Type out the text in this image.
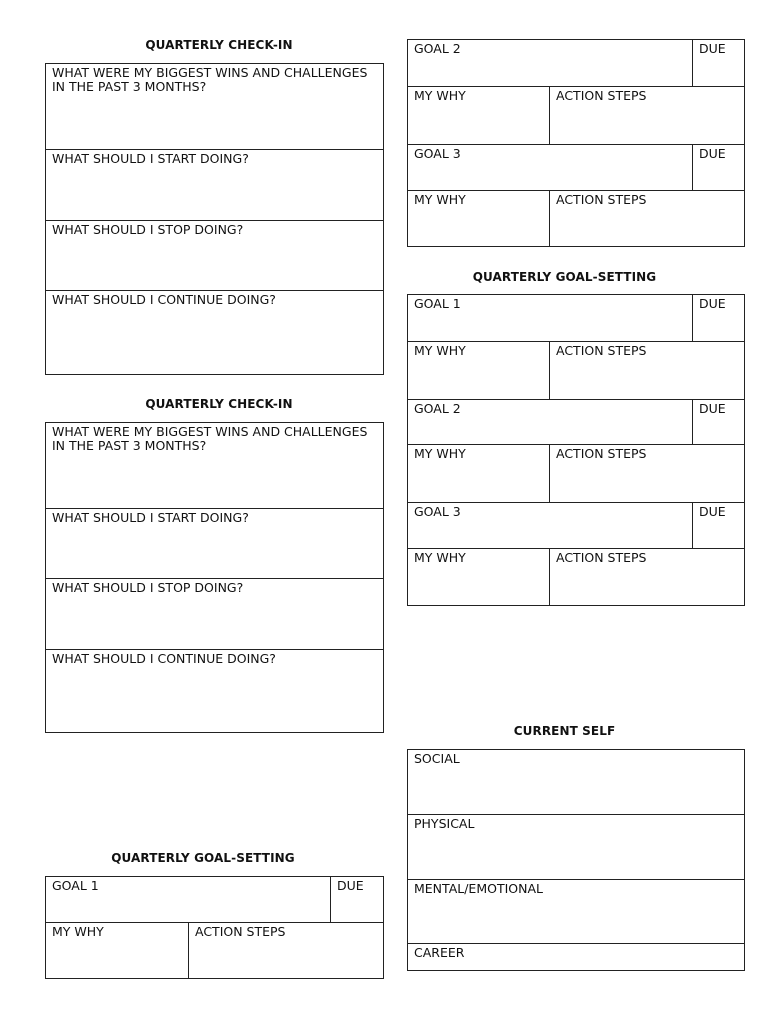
QUARTERLY CHECK-IN
WHAT WERE MY BIGGEST WINS AND CHALLENGES IN THE PAST 3 MONTHS?
WHAT SHOULD I START DOING?
WHAT SHOULD I STOP DOING?
WHAT SHOULD I CONTINUE DOING?
QUARTERLY CHECK-IN
WHAT WERE MY BIGGEST WINS AND CHALLENGES IN THE PAST 3 MONTHS?
WHAT SHOULD I START DOING?
WHAT SHOULD I STOP DOING?
WHAT SHOULD I CONTINUE DOING?
QUARTERLY GOAL-SETTING
GOAL 1	DUE
MY WHY	ACTION STEPS
GOAL 2	DUE
MY WHY	ACTION STEPS
GOAL 3	DUE
MY WHY	ACTION STEPS
QUARTERLY GOAL-SETTING
GOAL 1	DUE
MY WHY	ACTION STEPS
GOAL 2	DUE
MY WHY	ACTION STEPS
GOAL 3	DUE
MY WHY	ACTION STEPS
CURRENT SELF
SOCIAL
PHYSICAL
MENTAL/EMOTIONAL
CAREER
